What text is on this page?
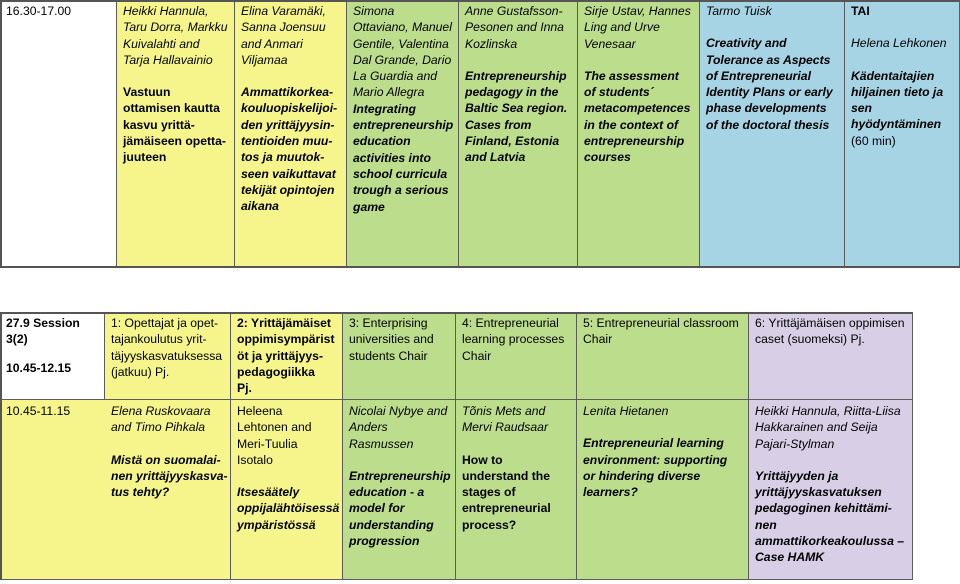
16.30-17.00	Heikki Hannula, Taru Dorra, Markku Kuivalahti and Tarja Hallavainio
Vastuun ottamisen kautta kasvu yrittä-jämäiseen opetta-juuteen
Elina Varamäki, Sanna Joensuu and Anmari Viljamaa
Ammattikorkea-kouluopiskelijoi-den yrittäjyysin-tentioiden muu-tos ja muutok-seen vaikuttavat tekijät opintojen aikana
Simona Ottaviano, Manuel Gentile, Valentina Dal Grande, Dario La Guardia and Mario Allegra
Integrating entrepreneurship education activities into school curricula trough a serious game
Anne Gustafsson-Pesonen and Inna Kozlinska
Entrepreneurship pedagogy in the Baltic Sea region. Cases from Finland, Estonia and Latvia
Sirje Ustav, Hannes Ling and Urve Venesaar
The assessment of students´ metacompetences in the context of entrepreneurship courses
Tarmo Tuisk
Creativity and Tolerance as Aspects of Entrepreneurial Identity Plans or early phase developments of the doctoral thesis
TAI
Helena Lehkonen
Kädentaitajien hiljainen tieto ja sen hyödyntäminen
(60 min)
27.9 Session 3(2)
10.45-12.15
1: Opettajat ja opet-tajankoulutus yrit-täjyyskasvatuksessa (jatkuu) Pj.
2: Yrittäjämäiset oppimisympärist öt ja yrittäjyys-pedagogiikka
Pj.
3: Enterprising universities and students Chair
4: Entrepreneurial learning processes Chair
5: Entrepreneurial classroom Chair
6: Yrittäjämäisen oppimisen caset (suomeksi) Pj.
10.45-11.15	Elena Ruskovaara and Timo Pihkala
Mistä on suomalai-nen yrittäjyyskasva-tus tehty?
Heleena Lehtonen and Meri-Tuulia Isotalo
Itsesäätely oppijalähtöisessä ympäristössä
Nicolai Nybye and Anders Rasmussen
Entrepreneurship education - a model for understanding progression
Tõnis Mets and Mervi Raudsaar
How to understand the stages of entrepreneurial process?
Lenita Hietanen
Entrepreneurial learning environment: supporting or hindering diverse learners?
Heikki Hannula, Riitta-Liisa Hakkarainen and Seija Pajari-Stylman
Yrittäjyyden ja yrittäjyyskasvatuksen pedagoginen kehittämi-nen ammattikorkeakoulussa – Case HAMK
